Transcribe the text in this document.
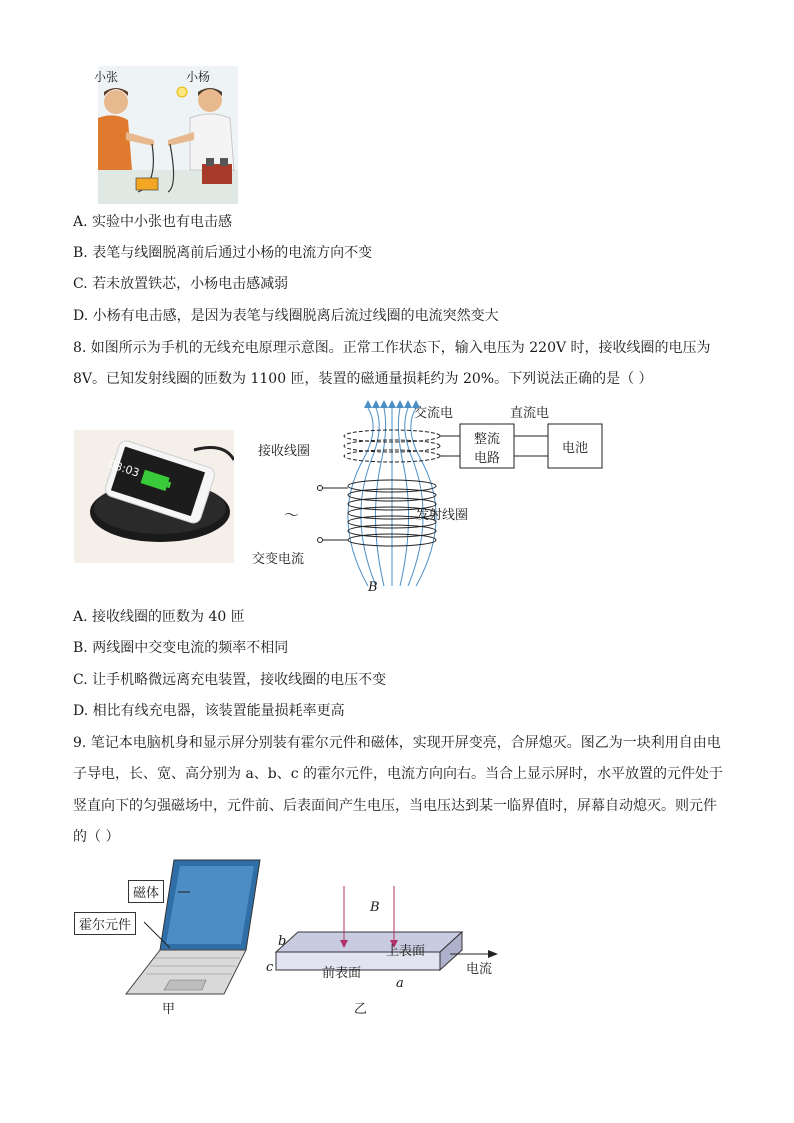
小张	小杨
A. 实验中小张也有电击感
B. 表笔与线圈脱离前后通过小杨的电流方向不变
C. 若未放置铁芯，小杨电击感减弱
D. 小杨有电击感，是因为表笔与线圈脱离后流过线圈的电流突然变大
8. 如图所示为手机的无线充电原理示意图。正常工作状态下，输入电压为 220V 时，接收线圈的电压为
8V。已知发射线圈的匝数为 1100 匝，装置的磁通量损耗约为 20%。下列说法正确的是（ ）
03:03
交流电	直流电
整流
电路
电池
接收线圈
发射线圈
～
交变电流
B
A. 接收线圈的匝数为 40 匝
B. 两线圈中交变电流的频率不相同
C. 让手机略微远离充电装置，接收线圈的电压不变
D. 相比有线充电器，该装置能量损耗率更高
9. 笔记本电脑机身和显示屏分别装有霍尔元件和磁体，实现开屏变亮，合屏熄灭。图乙为一块利用自由电
子导电，长、宽、高分别为 a、b、c 的霍尔元件，电流方向向右。当合上显示屏时，水平放置的元件处于
竖直向下的匀强磁场中，元件前、后表面间产生电压，当电压达到某一临界值时，屏幕自动熄灭。则元件
的（ ）
磁体
霍尔元件
甲
B
上表面
前表面	电流
a
b
c
乙
